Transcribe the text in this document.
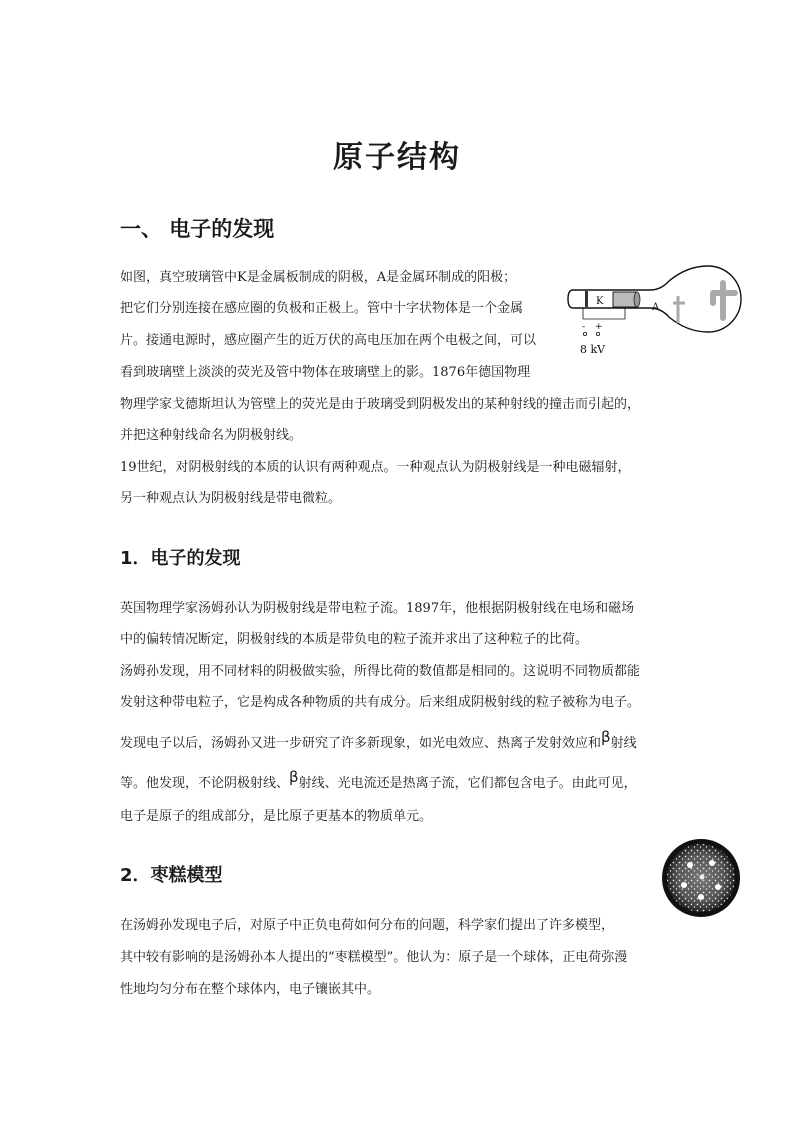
原子结构
一、 电子的发现
如图，真空玻璃管中K是金属板制成的阴极，A是金属环制成的阳极；
把它们分别连接在感应圈的负极和正极上。管中十字状物体是一个金属
片。接通电源时，感应圈产生的近万伏的高电压加在两个电极之间，可以
看到玻璃壁上淡淡的荧光及管中物体在玻璃壁上的影。1876年德国物理
物理学家戈德斯坦认为管壁上的荧光是由于玻璃受到阴极发出的某种射线的撞击而引起的，
并把这种射线命名为阴极射线。
19世纪，对阴极射线的本质的认识有两种观点。一种观点认为阴极射线是一种电磁辐射，
另一种观点认为阴极射线是带电微粒。
K
A
- +
8 kV
1．电子的发现
英国物理学家汤姆孙认为阴极射线是带电粒子流。1897年，他根据阴极射线在电场和磁场
中的偏转情况断定，阴极射线的本质是带负电的粒子流并求出了这种粒子的比荷。
汤姆孙发现，用不同材料的阴极做实验，所得比荷的数值都是相同的。这说明不同物质都能
发射这种带电粒子，它是构成各种物质的共有成分。后来组成阴极射线的粒子被称为电子。
发现电子以后，汤姆孙又进一步研究了许多新现象，如光电效应、热离子发射效应和β射线
等。他发现，不论阴极射线、β射线、光电流还是热离子流，它们都包含电子。由此可见，
电子是原子的组成部分，是比原子更基本的物质单元。
2．枣糕模型
在汤姆孙发现电子后，对原子中正负电荷如何分布的问题，科学家们提出了许多模型，
其中较有影响的是汤姆孙本人提出的“枣糕模型”。他认为：原子是一个球体，正电荷弥漫
性地均匀分布在整个球体内，电子镶嵌其中。
